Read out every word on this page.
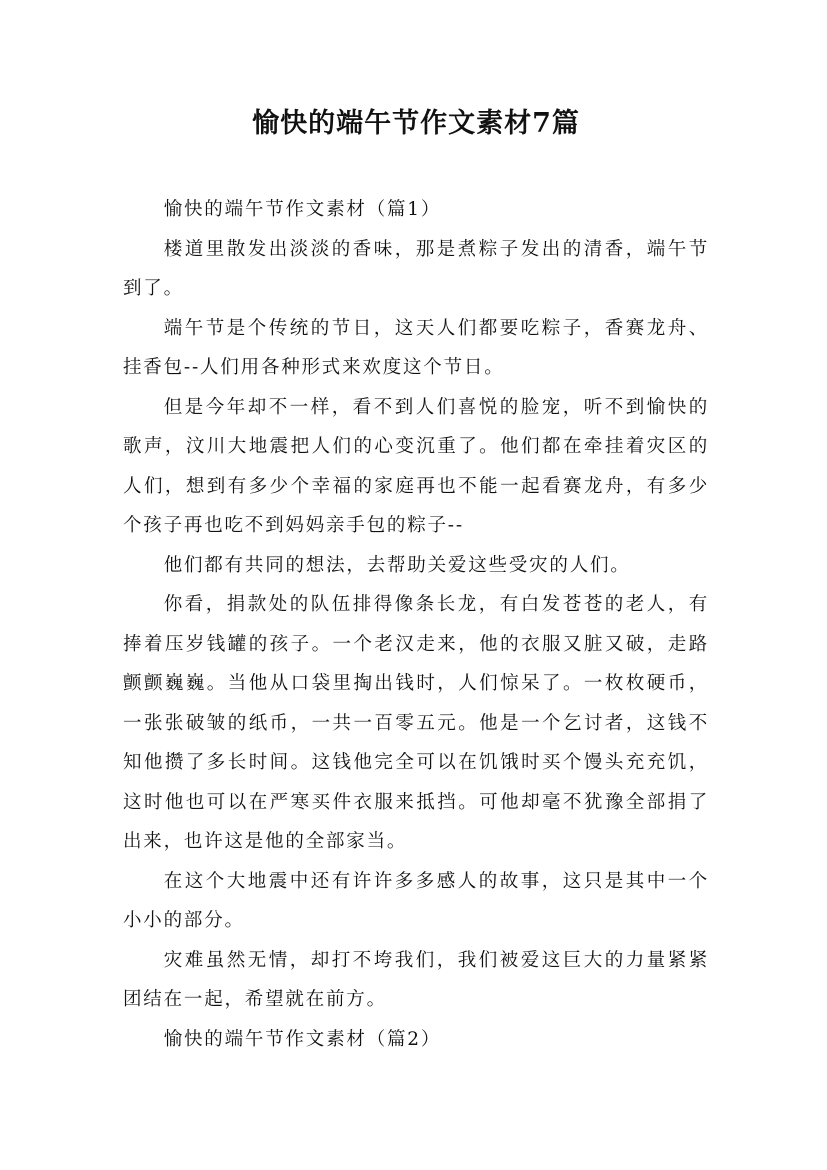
愉快的端午节作文素材7篇

愉快的端午节作文素材（篇1）

楼道里散发出淡淡的香味，那是煮粽子发出的清香，端午节到了。

端午节是个传统的节日，这天人们都要吃粽子，香赛龙舟、挂香包--人们用各种形式来欢度这个节日。

但是今年却不一样，看不到人们喜悦的脸宠，听不到愉快的歌声，汶川大地震把人们的心变沉重了。他们都在牵挂着灾区的人们，想到有多少个幸福的家庭再也不能一起看赛龙舟，有多少个孩子再也吃不到妈妈亲手包的粽子--

他们都有共同的想法，去帮助关爱这些受灾的人们。

你看，捐款处的队伍排得像条长龙，有白发苍苍的老人，有捧着压岁钱罐的孩子。一个老汉走来，他的衣服又脏又破，走路颤颤巍巍。当他从口袋里掏出钱时，人们惊呆了。一枚枚硬币，一张张破皱的纸币，一共一百零五元。他是一个乞讨者，这钱不知他攒了多长时间。这钱他完全可以在饥饿时买个馒头充充饥，这时他也可以在严寒买件衣服来抵挡。可他却毫不犹豫全部捐了出来，也许这是他的全部家当。

在这个大地震中还有许许多多感人的故事，这只是其中一个小小的部分。

灾难虽然无情，却打不垮我们，我们被爱这巨大的力量紧紧团结在一起，希望就在前方。

愉快的端午节作文素材（篇2）
